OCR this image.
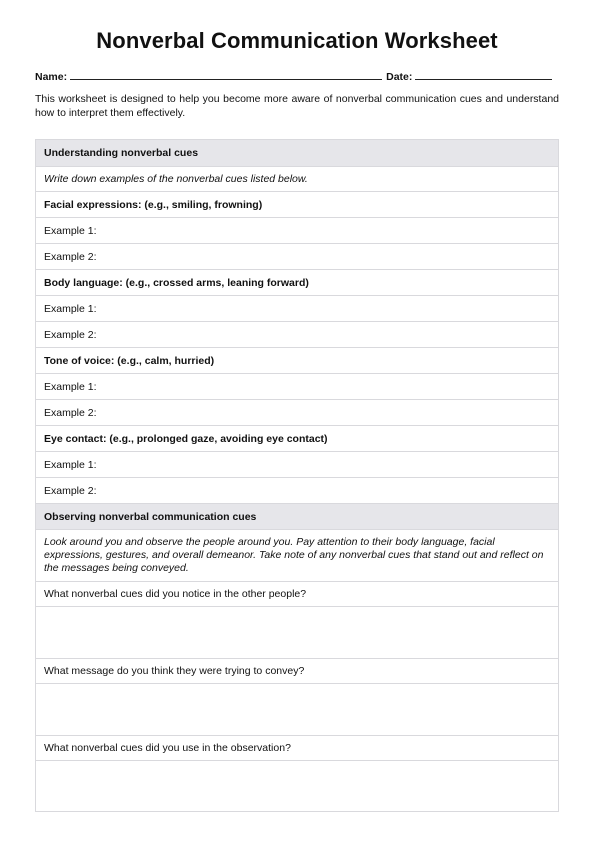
Nonverbal Communication Worksheet
Name:	Date:
This worksheet is designed to help you become more aware of nonverbal communication cues and understand how to interpret them effectively.
Understanding nonverbal cues
Write down examples of the nonverbal cues listed below.
Facial expressions: (e.g., smiling, frowning)
Example 1:
Example 2:
Body language: (e.g., crossed arms, leaning forward)
Example 1:
Example 2:
Tone of voice: (e.g., calm, hurried)
Example 1:
Example 2:
Eye contact: (e.g., prolonged gaze, avoiding eye contact)
Example 1:
Example 2:
Observing nonverbal communication cues
Look around you and observe the people around you. Pay attention to their body language, facial expressions, gestures, and overall demeanor. Take note of any nonverbal cues that stand out and reflect on the messages being conveyed.
What nonverbal cues did you notice in the other people?
What message do you think they were trying to convey?
What nonverbal cues did you use in the observation?
